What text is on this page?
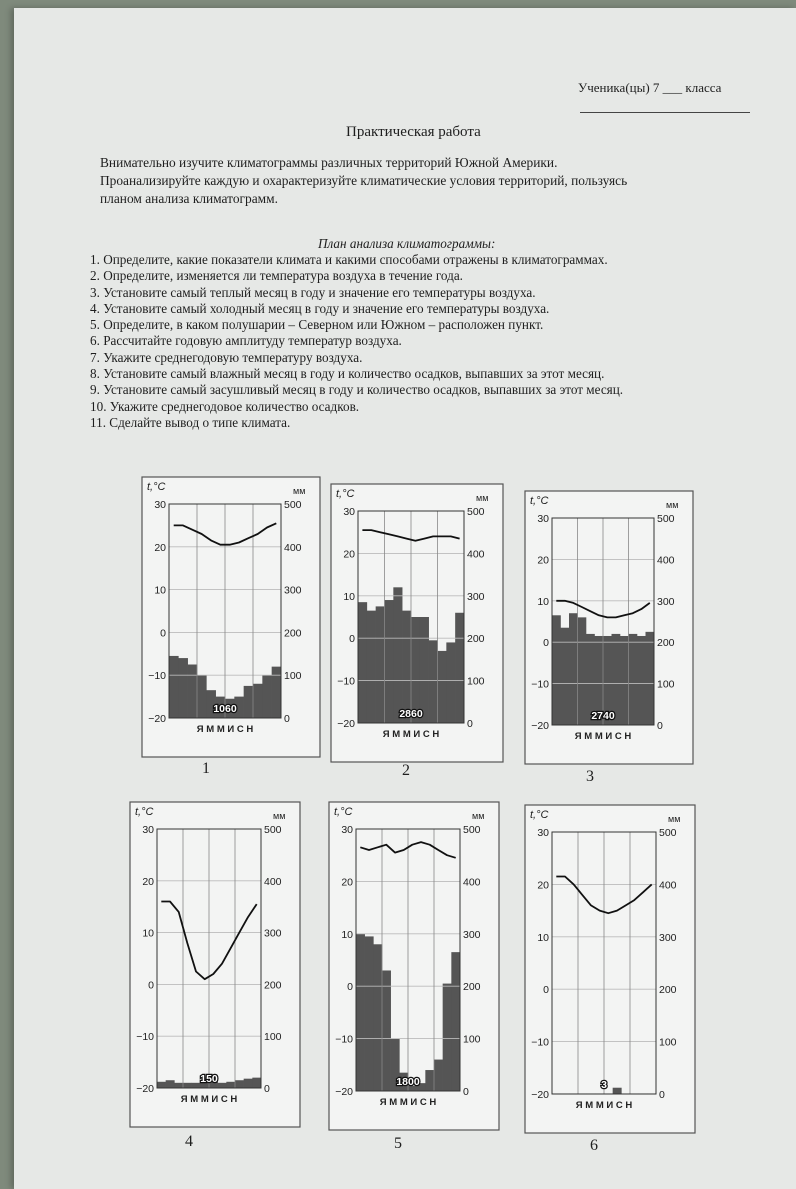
Ученика(цы) 7 ___ класса
Практическая работа
Внимательно изучите климатограммы различных территорий Южной Америки.
Проанализируйте каждую и охарактеризуйте климатические условия территорий, пользуясь
планом анализа климатограмм.
План анализа климатограммы:
1. Определите, какие показатели климата и какими способами отражены в климатограммах.
2. Определите, изменяется ли температура воздуха в течение года.
3. Установите самый теплый месяц в году и значение его температуры воздуха.
4. Установите самый холодный месяц в году и значение его температуры воздуха.
5. Определите, в каком полушарии – Северном или Южном – расположен пункт.
6. Рассчитайте годовую амплитуду температур воздуха.
7. Укажите среднегодовую температуру воздуха.
8. Установите самый влажный месяц в году и количество осадков, выпавших за этот месяц.
9. Установите самый засушливый месяц в году и количество осадков, выпавших за этот месяц.
10. Укажите среднегодовое количество осадков.
11. Сделайте вывод о типе климата.
t,°C	мм
30
20
10
0
−10
−20
500
400
300
200
100
0
1060
Я М М И С Н
t,°C	мм
30
20
10
0
−10
−20
500
400
300
200
100
0
2860
Я М М И С Н
t,°C	мм
30
20
10
0
−10
−20
500
400
300
200
100
0
2740
Я М М И С Н
t,°C	мм
30
20
10
0
−10
−20
500
400
300
200
100
0
150
Я М М И С Н
t,°C	мм
30
20
10
0
−10
−20
500
400
300
200
100
0
1800
Я М М И С Н
t,°C	мм
30
20
10
0
−10
−20
500
400
300
200
100
0
3
Я М М И С Н
1	2	3
4	5	6
